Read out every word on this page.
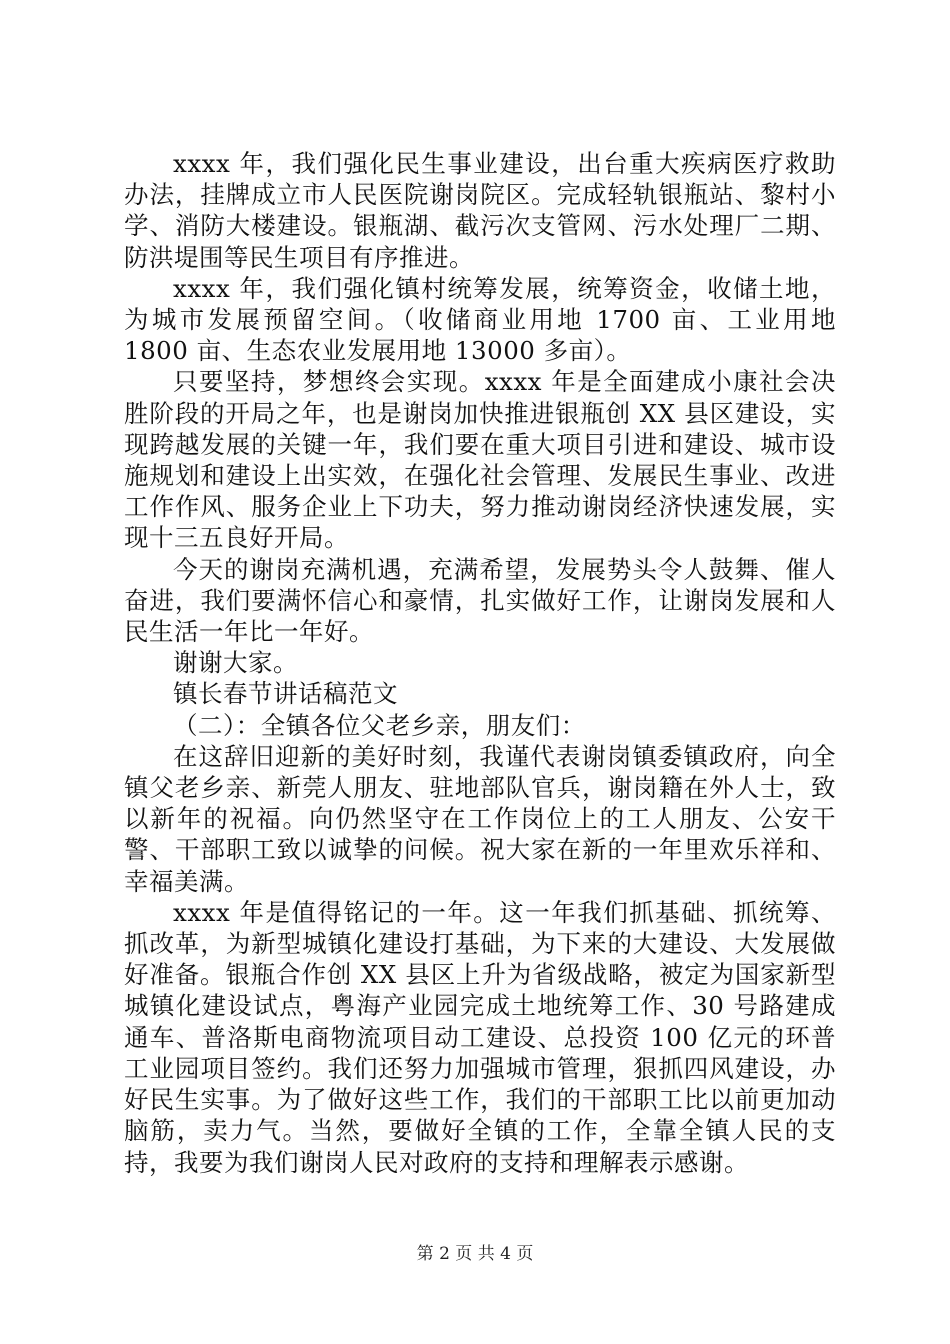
xxxx 年，我们强化民生事业建设，出台重大疾病医疗救助办法，挂牌成立市人民医院谢岗院区。完成轻轨银瓶站、黎村小学、消防大楼建设。银瓶湖、截污次支管网、污水处理厂二期、防洪堤围等民生项目有序推进。

xxxx 年，我们强化镇村统筹发展，统筹资金，收储土地，为城市发展预留空间。（收储商业用地 1700 亩、工业用地 1800 亩、生态农业发展用地 13000 多亩）。

只要坚持，梦想终会实现。xxxx 年是全面建成小康社会决胜阶段的开局之年，也是谢岗加快推进银瓶创 XX 县区建设，实现跨越发展的关键一年，我们要在重大项目引进和建设、城市设施规划和建设上出实效，在强化社会管理、发展民生事业、改进工作作风、服务企业上下功夫，努力推动谢岗经济快速发展，实现十三五良好开局。

今天的谢岗充满机遇，充满希望，发展势头令人鼓舞、催人奋进，我们要满怀信心和豪情，扎实做好工作，让谢岗发展和人民生活一年比一年好。

谢谢大家。

镇长春节讲话稿范文

（二）：全镇各位父老乡亲，朋友们：

在这辞旧迎新的美好时刻，我谨代表谢岗镇委镇政府，向全镇父老乡亲、新莞人朋友、驻地部队官兵，谢岗籍在外人士，致以新年的祝福。向仍然坚守在工作岗位上的工人朋友、公安干警、干部职工致以诚挚的问候。祝大家在新的一年里欢乐祥和、幸福美满。

xxxx 年是值得铭记的一年。这一年我们抓基础、抓统筹、抓改革，为新型城镇化建设打基础，为下来的大建设、大发展做好准备。银瓶合作创 XX 县区上升为省级战略，被定为国家新型城镇化建设试点，粤海产业园完成土地统筹工作、30 号路建成通车、普洛斯电商物流项目动工建设、总投资 100 亿元的环普工业园项目签约。我们还努力加强城市管理，狠抓四风建设，办好民生实事。为了做好这些工作，我们的干部职工比以前更加动脑筋，卖力气。当然，要做好全镇的工作，全靠全镇人民的支持，我要为我们谢岗人民对政府的支持和理解表示感谢。

第 2 页 共 4 页
